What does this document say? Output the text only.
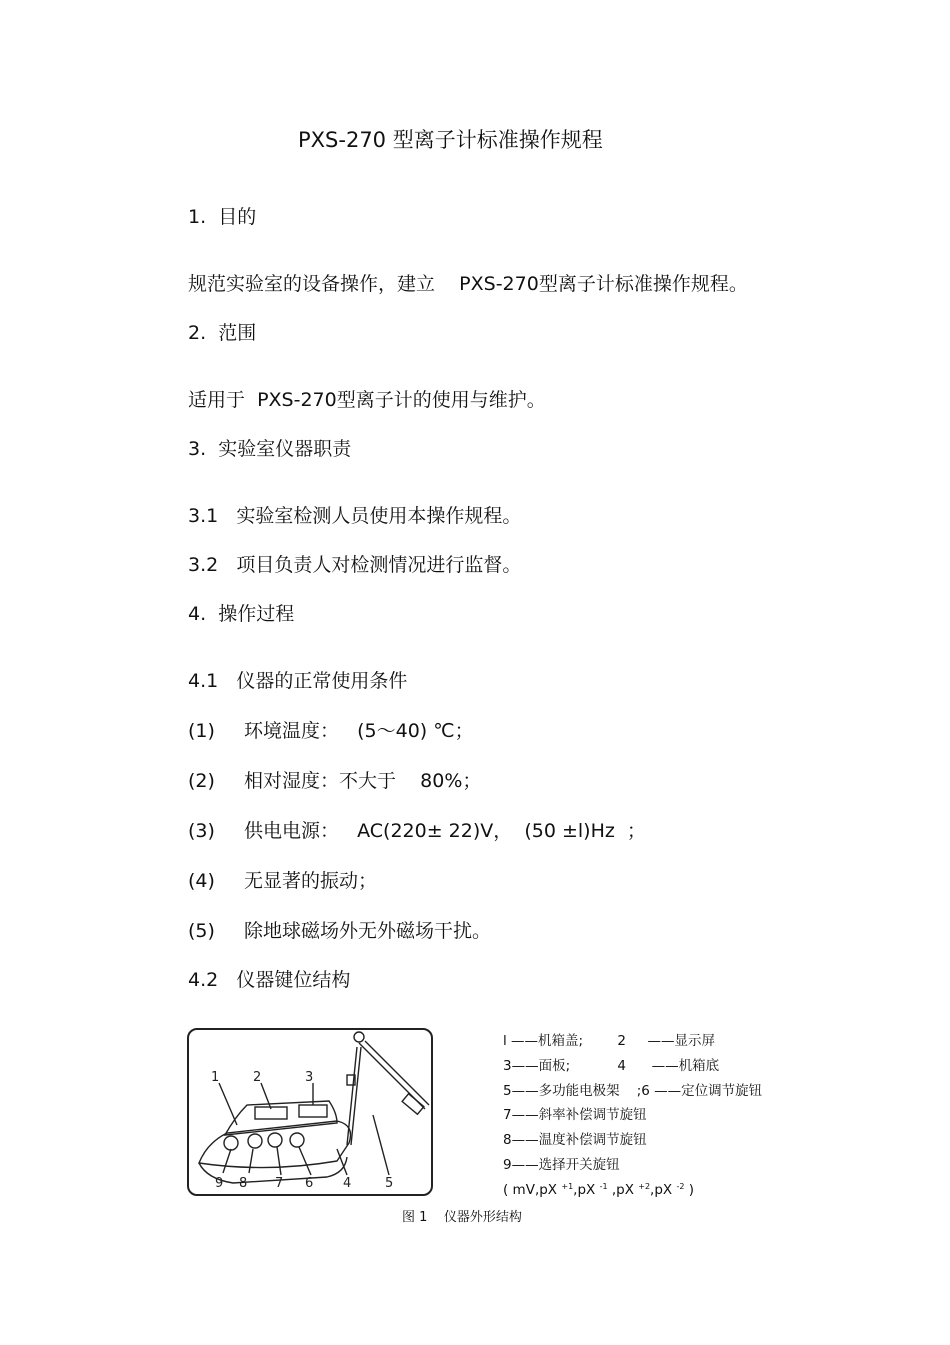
PXS-270 型离子计标准操作规程
1.  目的
规范实验室的设备操作，建立    PXS-270型离子计标准操作规程。
2.  范围
适用于  PXS-270型离子计的使用与维护。
3.  实验室仪器职责
3.1   实验室检测人员使用本操作规程。
3.2   项目负责人对检测情况进行监督。
4.  操作过程
4.1   仪器的正常使用条件
(1) 环境温度：   (5～40) ℃；
(2) 相对湿度：不大于    80%；
(3) 供电电源：   AC(220± 22)V，  (50 ±l)Hz  ；
(4) 无显著的振动；
(5) 除地球磁场外无外磁场干扰。
4.2   仪器键位结构
1	2	3
9 8 7 6 4	5
l ——机箱盖;        2     ——显示屏
3——面板;           4      ——机箱底
5——多功能电极架    ;6 ——定位调节旋钮
7——斜率补偿调节旋钮
8——温度补偿调节旋钮
9——选择开关旋钮
( mV,pX $^{+1}$,pX $^{-1}$ ,pX $^{+2}$,pX $^{-2}$ )
图 1    仪器外形结构
